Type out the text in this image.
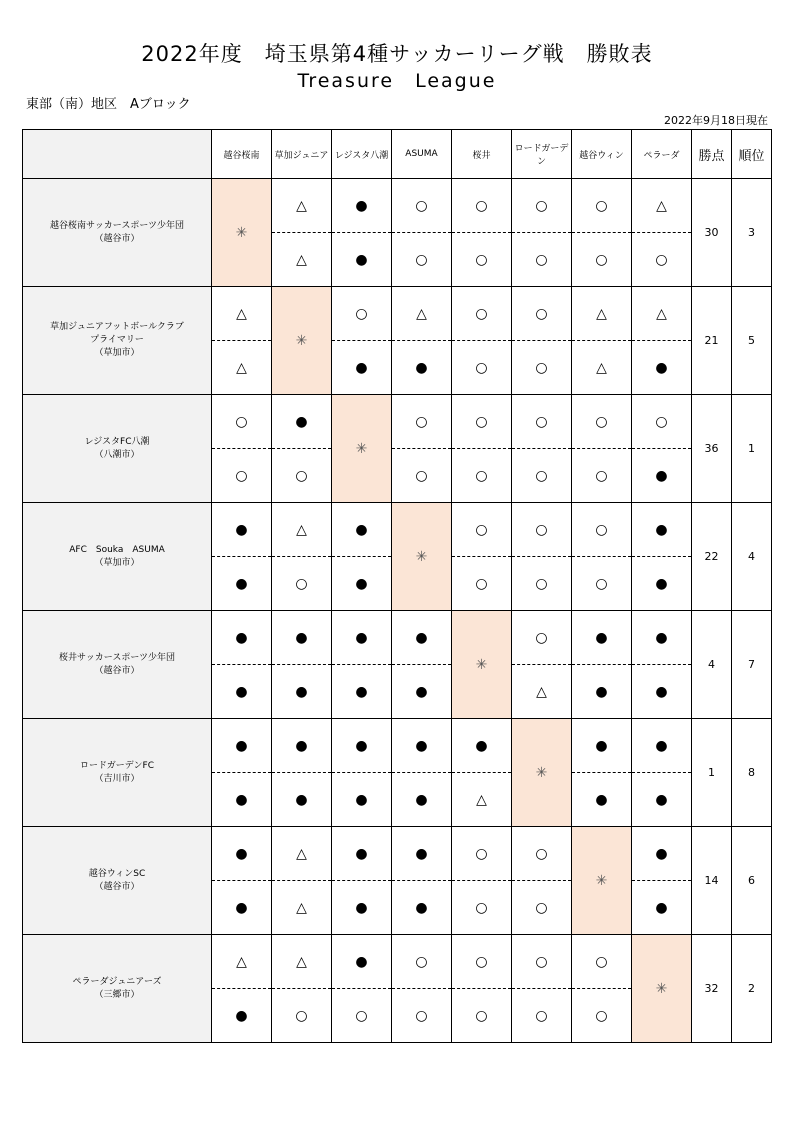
2022年度　埼玉県第4種サッカーリーグ戦　勝敗表
Treasure　League
東部（南）地区　Aブロック
2022年9月18日現在
	越谷桜南	草加ジュニア	レジスタ八潮	ASUMA	桜井	ロードガーデン	越谷ウィン	ペラーダ	勝点	順位

越谷桜南サッカースポーツ少年団
（越谷市）	✳	△	●	○	○	○	○	△	30	3
		△	●	○	○	○	○	○		

草加ジュニアフットボールクラブ
プライマリー
（草加市）	△	✳	○	△	○	○	△	△	21	5
	△		●	●	○	○	△	●		

レジスタFC八潮
（八潮市）	○	●	✳	○	○	○	○	○	36	1
	○	○		○	○	○	○	●		

AFC　Souka　ASUMA
（草加市）	●	△	●	✳	○	○	○	●	22	4
	●	○	●		○	○	○	●		

桜井サッカースポーツ少年団
（越谷市）	●	●	●	●	✳	○	●	●	4	7
	●	●	●	●		△	●	●		

ロードガーデンFC
（吉川市）	●	●	●	●	●	✳	●	●	1	8
	●	●	●	●	△		●	●		

越谷ウィンSC
（越谷市）	●	△	●	●	○	○	✳	●	14	6
	●	△	●	●	○	○		●		

ペラーダジュニアーズ
（三郷市）	△	△	●	○	○	○	○	✳	32	2
	●	○	○	○	○	○	○			
